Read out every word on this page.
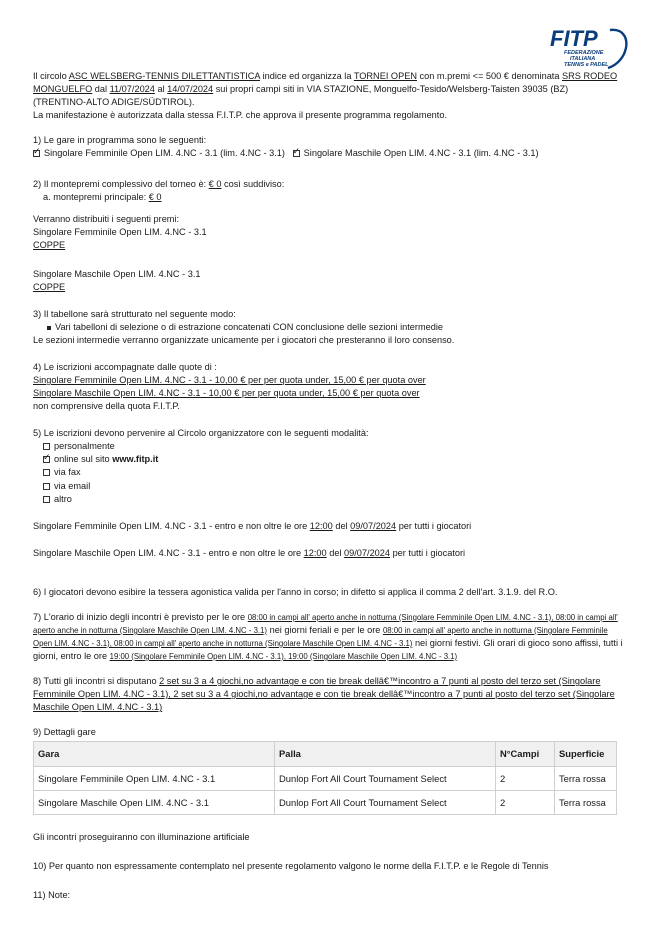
FITP
FEDERAZIONE
ITALIANA
TENNIS e PADEL

Il circolo ASC WELSBERG-TENNIS DILETTANTISTICA indice ed organizza la TORNEI OPEN con m.premi <= 500 € denominata SRS RODEO MONGUELFO dal 11/07/2024 al 14/07/2024 sui propri campi siti in VIA STAZIONE, Monguelfo-Tesido/Welsberg-Taisten 39035 (BZ) (TRENTINO-ALTO ADIGE/SÜDTIROL).

La manifestazione è autorizzata dalla stessa F.I.T.P. che approva il presente programma regolamento.

1) Le gare in programma sono le seguenti:

✓Singolare Femminile Open LIM. 4.NC - 3.1 (lim. 4.NC - 3.1) ✓ Singolare Maschile Open LIM. 4.NC - 3.1 (lim. 4.NC - 3.1)

2) Il montepremi complessivo del torneo è: € 0 così suddiviso:

a. montepremi principale: € 0

Verranno distribuiti i seguenti premi:

Singolare Femminile Open LIM. 4.NC - 3.1

COPPE

Singolare Maschile Open LIM. 4.NC - 3.1

COPPE

3) Il tabellone sarà strutturato nel seguente modo:

Vari tabelloni di selezione o di estrazione concatenati CON conclusione delle sezioni intermedie

Le sezioni intermedie verranno organizzate unicamente per i giocatori che presteranno il loro consenso.

4) Le iscrizioni accompagnate dalle quote di :

Singolare Femminile Open LIM. 4.NC - 3.1 - 10,00 € per per quota under, 15,00 € per quota over

Singolare Maschile Open LIM. 4.NC - 3.1 - 10,00 € per per quota under, 15,00 € per quota over

non comprensive della quota F.I.T.P.

5) Le iscrizioni devono pervenire al Circolo organizzatore con le seguenti modalità:

personalmente

✓online sul sito www.fitp.it

via fax

via email

altro

Singolare Femminile Open LIM. 4.NC - 3.1 - entro e non oltre le ore 12:00 del 09/07/2024 per tutti i giocatori

Singolare Maschile Open LIM. 4.NC - 3.1 - entro e non oltre le ore 12:00 del 09/07/2024 per tutti i giocatori

6) I giocatori devono esibire la tessera agonistica valida per l'anno in corso; in difetto si applica il comma 2 dell'art. 3.1.9. del R.O.

7) L'orario di inizio degli incontri è previsto per le ore 08:00 in campi all' aperto anche in notturna (Singolare Femminile Open LIM. 4.NC - 3.1), 08:00 in campi all' aperto anche in notturna (Singolare Maschile Open LIM. 4.NC - 3.1) nei giorni feriali e per le ore 08:00 in campi all' aperto anche in notturna (Singolare Femminile Open LIM. 4.NC - 3.1), 08:00 in campi all' aperto anche in notturna (Singolare Maschile Open LIM. 4.NC - 3.1) nei giorni festivi. Gli orari di gioco sono affissi, tutti i giorni, entro le ore 19:00 (Singolare Femminile Open LIM. 4.NC - 3.1), 19:00 (Singolare Maschile Open LIM. 4.NC - 3.1)

8) Tutti gli incontri si disputano 2 set su 3 a 4 giochi,no advantage e con tie break dellâ€™incontro a 7 punti al posto del terzo set (Singolare Femminile Open LIM. 4.NC - 3.1), 2 set su 3 a 4 giochi,no advantage e con tie break dellâ€™incontro a 7 punti al posto del terzo set (Singolare Maschile Open LIM. 4.NC - 3.1)

9) Dettagli gare

Gara	Palla	N°Campi	Superficie
Singolare Femminile Open LIM. 4.NC - 3.1	Dunlop Fort All Court Tournament Select	2	Terra rossa
Singolare Maschile Open LIM. 4.NC - 3.1	Dunlop Fort All Court Tournament Select	2	Terra rossa

Gli incontri proseguiranno con illuminazione artificiale

10) Per quanto non espressamente contemplato nel presente regolamento valgono le norme della F.I.T.P. e le Regole di Tennis

11) Note:
